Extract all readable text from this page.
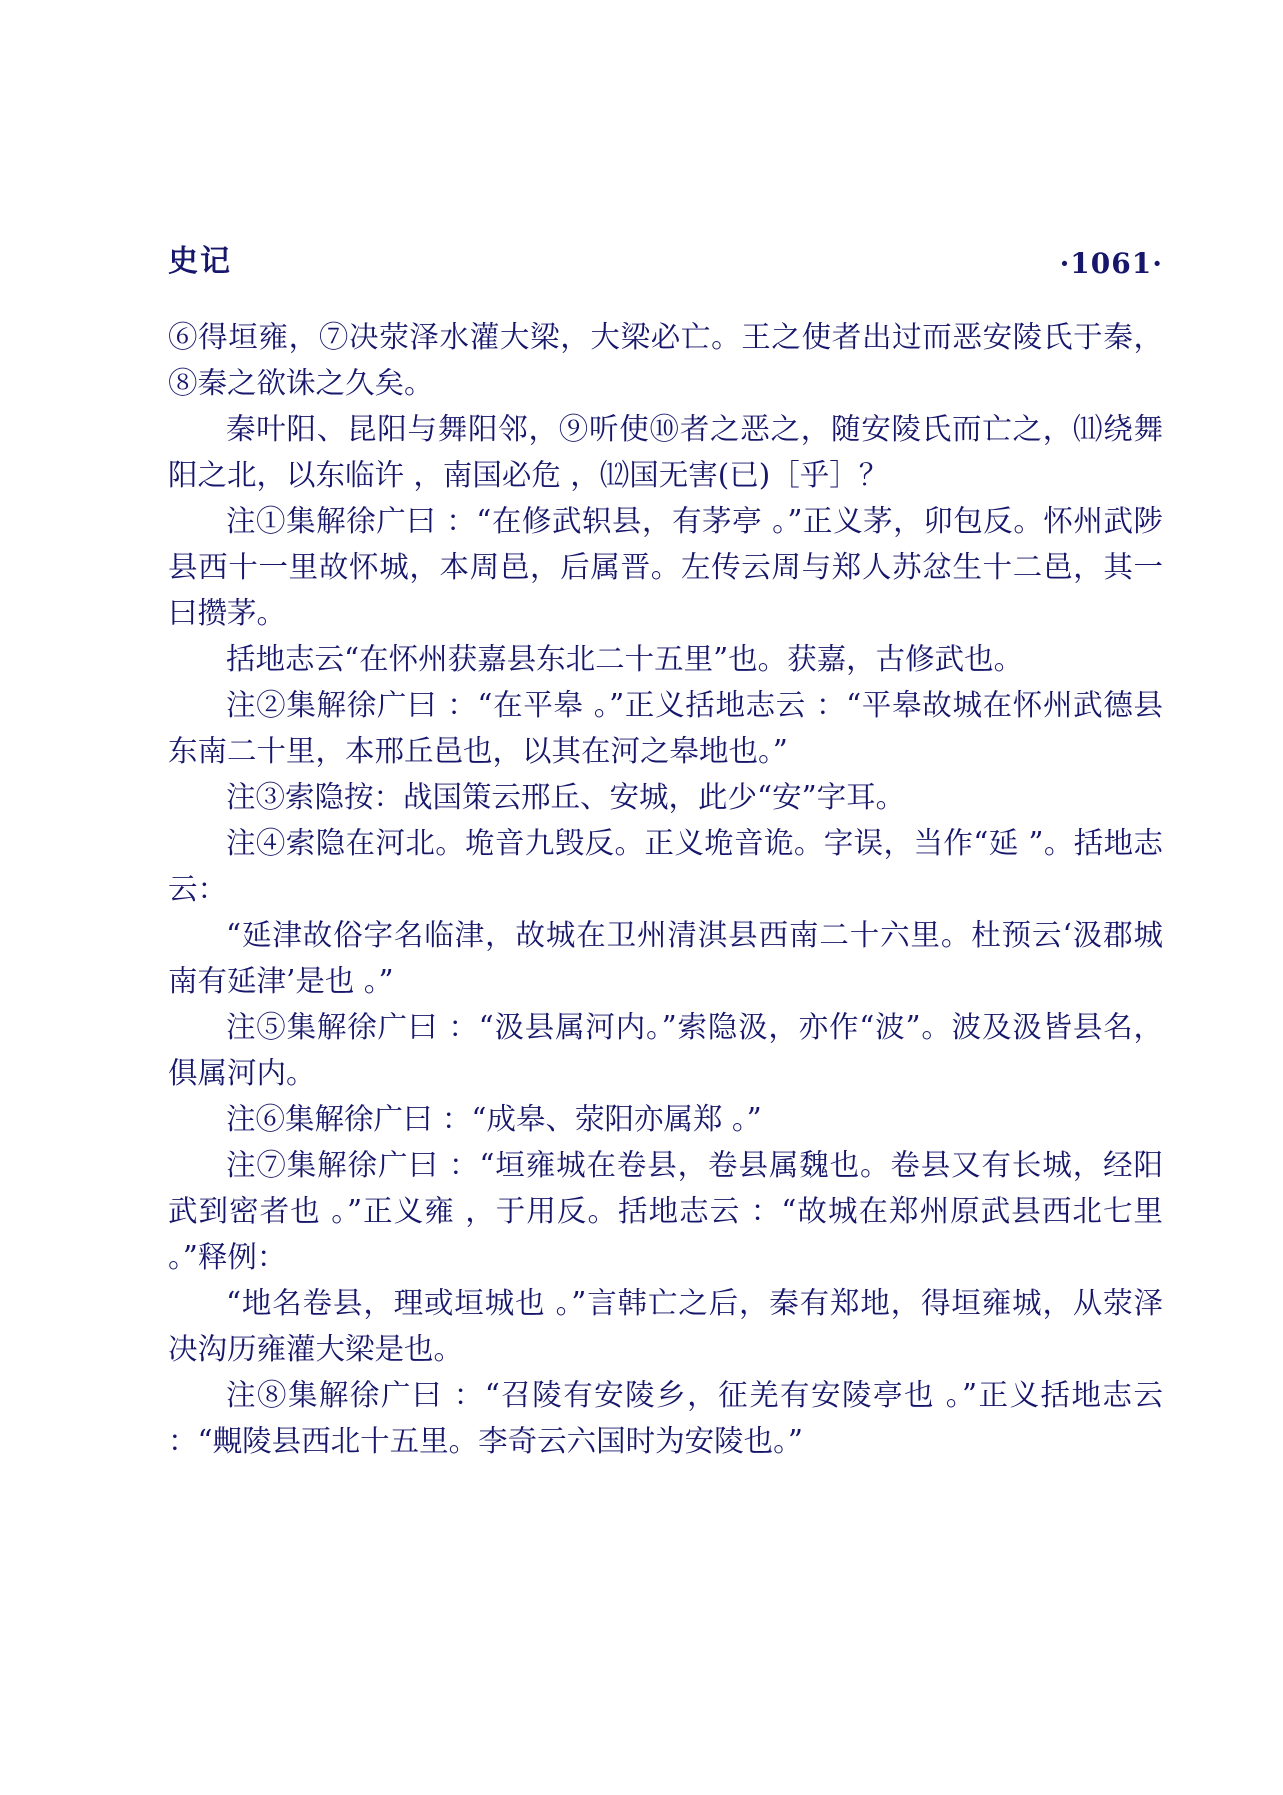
史记	·1061·

⑥得垣雍，⑦决荥泽水灌大梁，大梁必亡。王之使者出过而恶安陵氏于秦，⑧秦之欲诛之久矣。

秦叶阳、昆阳与舞阳邻，⑨听使⑩者之恶之，随安陵氏而亡之，⑾绕舞阳之北，以东临许 ，南国必危 ，⑿国无害(已)［乎］？

注①集解徐广曰 ：“在修武轵县，有茅亭 。”正义茅，卯包反。怀州武陟县西十一里故怀城，本周邑，后属晋。左传云周与郑人苏忿生十二邑，其一曰攒茅。

括地志云“在怀州获嘉县东北二十五里”也。获嘉，古修武也。

注②集解徐广曰 ：“在平皋 。”正义括地志云 ：“平皋故城在怀州武德县东南二十里，本邢丘邑也，以其在河之皋地也。”

注③索隐按：战国策云邢丘、安城，此少“安”字耳。

注④索隐在河北。垝音九毁反。正义垝音诡。字误，当作“延 ”。括地志云：

“延津故俗字名临津，故城在卫州清淇县西南二十六里。杜预云‘汲郡城南有延津’是也 。”

注⑤集解徐广曰 ：“汲县属河内。”索隐汲，亦作“波”。波及汲皆县名，俱属河内。

注⑥集解徐广曰 ：“成皋、荥阳亦属郑 。”

注⑦集解徐广曰 ：“垣雍城在卷县，卷县属魏也。卷县又有长城，经阳武到密者也 。”正义雍 ，于用反。括地志云 ：“故城在郑州原武县西北七里 。”释例：

“地名卷县，理或垣城也 。”言韩亡之后，秦有郑地，得垣雍城，从荥泽决沟历雍灌大梁是也。

注⑧集解徐广曰 ：“召陵有安陵乡，征羌有安陵亭也 。”正义括地志云 ：“覥陵县西北十五里。李奇云六国时为安陵也。”
